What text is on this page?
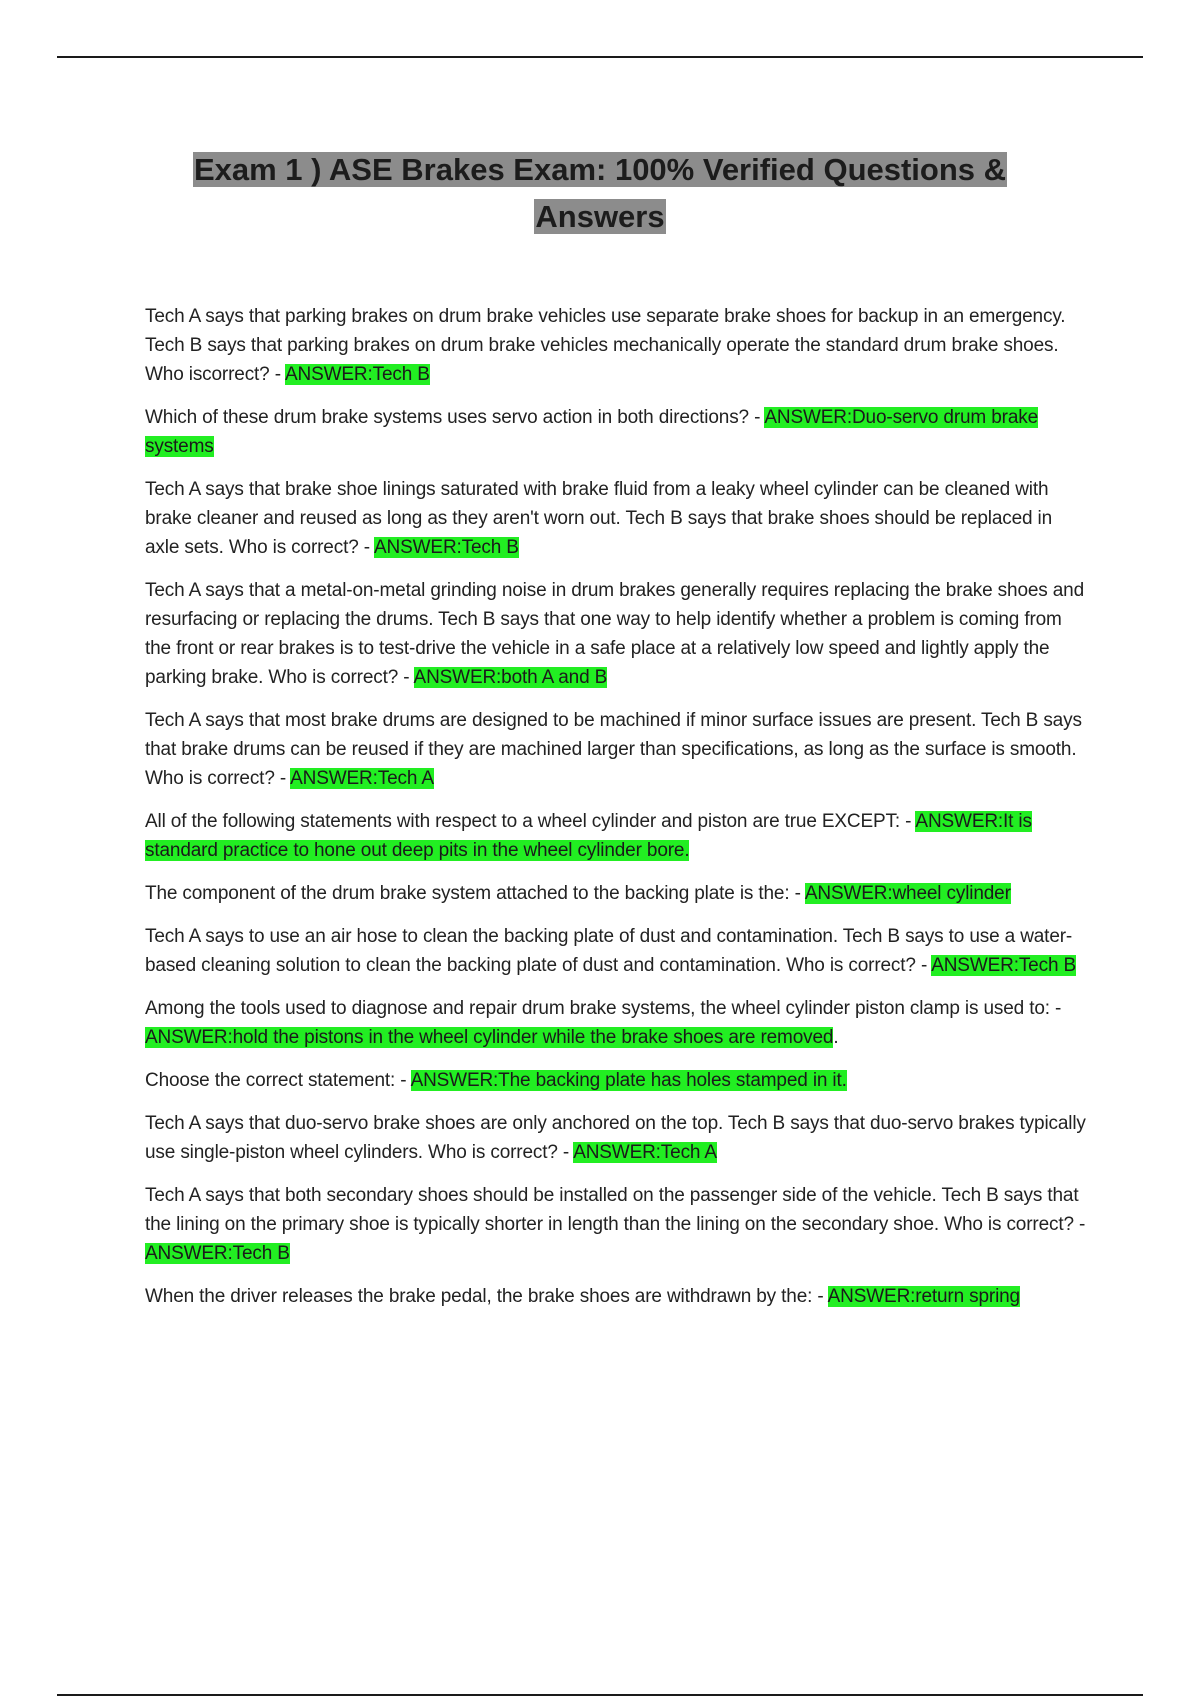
Exam 1 ) ASE Brakes Exam: 100% Verified Questions &
Answers

Tech A says that parking brakes on drum brake vehicles use separate brake shoes for backup in an emergency. Tech B says that parking brakes on drum brake vehicles mechanically operate the standard drum brake shoes. Who iscorrect? - ANSWER:Tech B

Which of these drum brake systems uses servo action in both directions? - ANSWER:Duo-servo drum brake systems

Tech A says that brake shoe linings saturated with brake fluid from a leaky wheel cylinder can be cleaned with brake cleaner and reused as long as they aren't worn out. Tech B says that brake shoes should be replaced in axle sets. Who is correct? - ANSWER:Tech B

Tech A says that a metal-on-metal grinding noise in drum brakes generally requires replacing the brake shoes and resurfacing or replacing the drums. Tech B says that one way to help identify whether a problem is coming from the front or rear brakes is to test-drive the vehicle in a safe place at a relatively low speed and lightly apply the parking brake. Who is correct? - ANSWER:both A and B

Tech A says that most brake drums are designed to be machined if minor surface issues are present. Tech B says that brake drums can be reused if they are machined larger than specifications, as long as the surface is smooth. Who is correct? - ANSWER:Tech A

All of the following statements with respect to a wheel cylinder and piston are true EXCEPT: - ANSWER:It is standard practice to hone out deep pits in the wheel cylinder bore.

The component of the drum brake system attached to the backing plate is the: - ANSWER:wheel cylinder

Tech A says to use an air hose to clean the backing plate of dust and contamination. Tech B says to use a water-based cleaning solution to clean the backing plate of dust and contamination. Who is correct? - ANSWER:Tech B

Among the tools used to diagnose and repair drum brake systems, the wheel cylinder piston clamp is used to: - ANSWER:hold the pistons in the wheel cylinder while the brake shoes are removed.

Choose the correct statement: - ANSWER:The backing plate has holes stamped in it.

Tech A says that duo-servo brake shoes are only anchored on the top. Tech B says that duo-servo brakes typically use single-piston wheel cylinders. Who is correct? - ANSWER:Tech A

Tech A says that both secondary shoes should be installed on the passenger side of the vehicle. Tech B says that the lining on the primary shoe is typically shorter in length than the lining on the secondary shoe. Who is correct? - ANSWER:Tech B

When the driver releases the brake pedal, the brake shoes are withdrawn by the: - ANSWER:return spring
